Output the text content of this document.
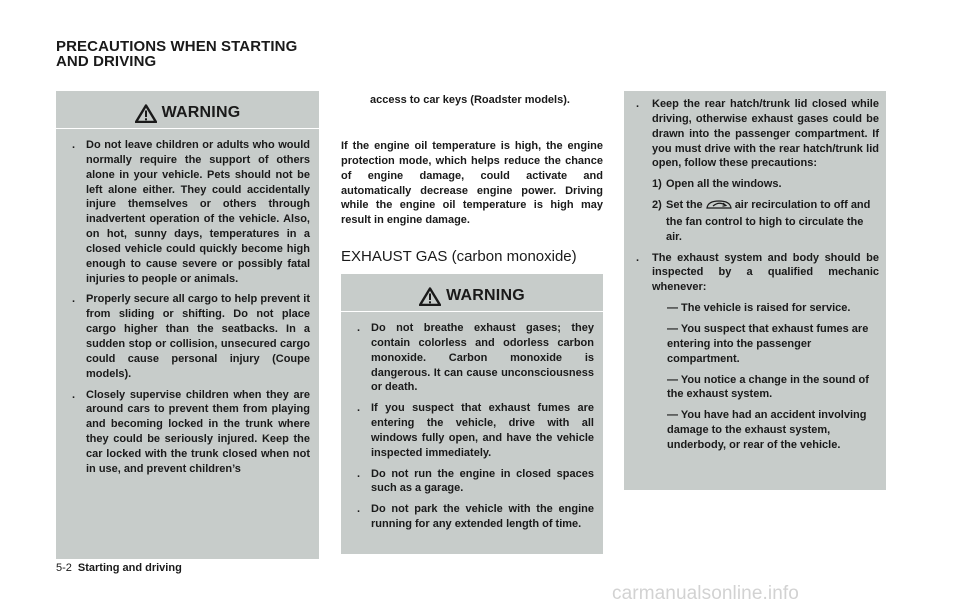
PRECAUTIONS WHEN STARTING
AND DRIVING
WARNING
. Do not leave children or adults who would normally require the support of others alone in your vehicle. Pets should not be left alone either. They could accidentally injure themselves or others through inadvertent operation of the vehicle. Also, on hot, sunny days, temperatures in a closed vehicle could quickly become high enough to cause severe or possibly fatal injuries to people or animals.
. Properly secure all cargo to help prevent it from sliding or shifting. Do not place cargo higher than the seatbacks. In a sudden stop or collision, unsecured cargo could cause personal injury (Coupe models).
. Closely supervise children when they are around cars to prevent them from playing and becoming locked in the trunk where they could be seriously injured. Keep the car locked with the trunk closed when not in use, and prevent children’s
access to car keys (Roadster models).
If the engine oil temperature is high, the engine protection mode, which helps reduce the chance of engine damage, could activate and automatically decrease engine power. Driving while the engine oil temperature is high may result in engine damage.
EXHAUST GAS (carbon monoxide)
WARNING
. Do not breathe exhaust gases; they contain colorless and odorless carbon monoxide. Carbon monoxide is dangerous. It can cause unconsciousness or death.
. If you suspect that exhaust fumes are entering the vehicle, drive with all windows fully open, and have the vehicle inspected immediately.
. Do not run the engine in closed spaces such as a garage.
. Do not park the vehicle with the engine running for any extended length of time.
. Keep the rear hatch/trunk lid closed while driving, otherwise exhaust gases could be drawn into the passenger compartment. If you must drive with the rear hatch/trunk lid open, follow these precautions:
1) Open all the windows.
2) Set the	air recirculation to off and the fan control to high to circulate the air.
. The exhaust system and body should be inspected by a qualified mechanic whenever:
— The vehicle is raised for service.
— You suspect that exhaust fumes are entering into the passenger compartment.
— You notice a change in the sound of the exhaust system.
— You have had an accident involving damage to the exhaust system, underbody, or rear of the vehicle.
5-2 Starting and driving
carmanualsonline.info
